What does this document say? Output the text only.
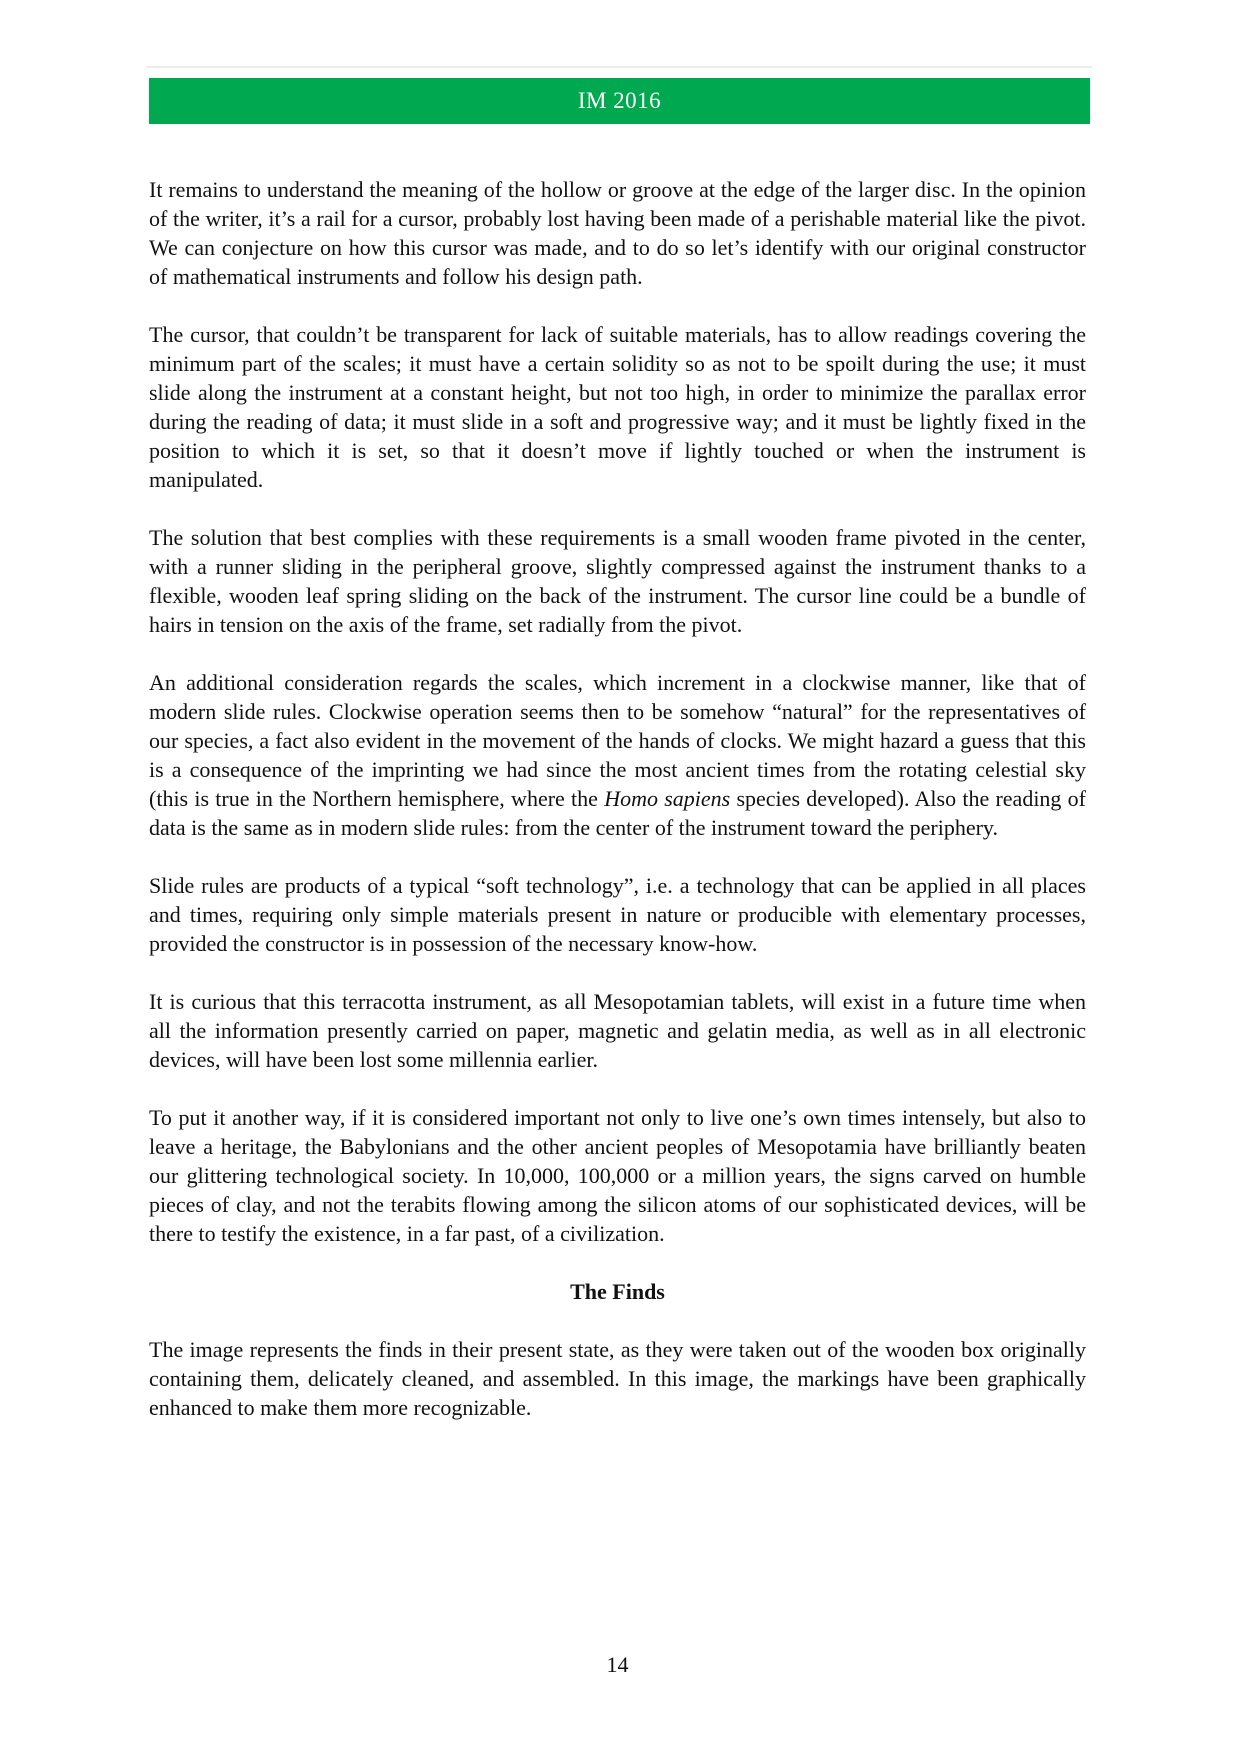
IM 2016

It remains to understand the meaning of the hollow or groove at the edge of the larger disc. In the opinion of the writer, it’s a rail for a cursor, probably lost having been made of a perishable material like the pivot. We can conjecture on how this cursor was made, and to do so let’s identify with our original constructor of mathematical instruments and follow his design path.

The cursor, that couldn’t be transparent for lack of suitable materials, has to allow readings covering the minimum part of the scales; it must have a certain solidity so as not to be spoilt during the use; it must slide along the instrument at a constant height, but not too high, in order to minimize the parallax error during the reading of data; it must slide in a soft and progressive way; and it must be lightly fixed in the position to which it is set, so that it doesn’t move if lightly touched or when the instrument is manipulated.

The solution that best complies with these requirements is a small wooden frame pivoted in the center, with a runner sliding in the peripheral groove, slightly compressed against the instrument thanks to a flexible, wooden leaf spring sliding on the back of the instrument. The cursor line could be a bundle of hairs in tension on the axis of the frame, set radially from the pivot.

An additional consideration regards the scales, which increment in a clockwise manner, like that of modern slide rules. Clockwise operation seems then to be somehow “natural” for the representatives of our species, a fact also evident in the movement of the hands of clocks. We might hazard a guess that this is a consequence of the imprinting we had since the most ancient times from the rotating celestial sky (this is true in the Northern hemisphere, where the Homo sapiens species developed). Also the reading of data is the same as in modern slide rules: from the center of the instrument toward the periphery.

Slide rules are products of a typical “soft technology”, i.e. a technology that can be applied in all places and times, requiring only simple materials present in nature or producible with elementary processes, provided the constructor is in possession of the necessary know-how.

It is curious that this terracotta instrument, as all Mesopotamian tablets, will exist in a future time when all the information presently carried on paper, magnetic and gelatin media, as well as in all electronic devices, will have been lost some millennia earlier.

To put it another way, if it is considered important not only to live one’s own times intensely, but also to leave a heritage, the Babylonians and the other ancient peoples of Mesopotamia have brilliantly beaten our glittering technological society. In 10,000, 100,000 or a million years, the signs carved on humble pieces of clay, and not the terabits flowing among the silicon atoms of our sophisticated devices, will be there to testify the existence, in a far past, of a civilization.

The Finds

The image represents the finds in their present state, as they were taken out of the wooden box originally containing them, delicately cleaned, and assembled. In this image, the markings have been graphically enhanced to make them more recognizable.

14
